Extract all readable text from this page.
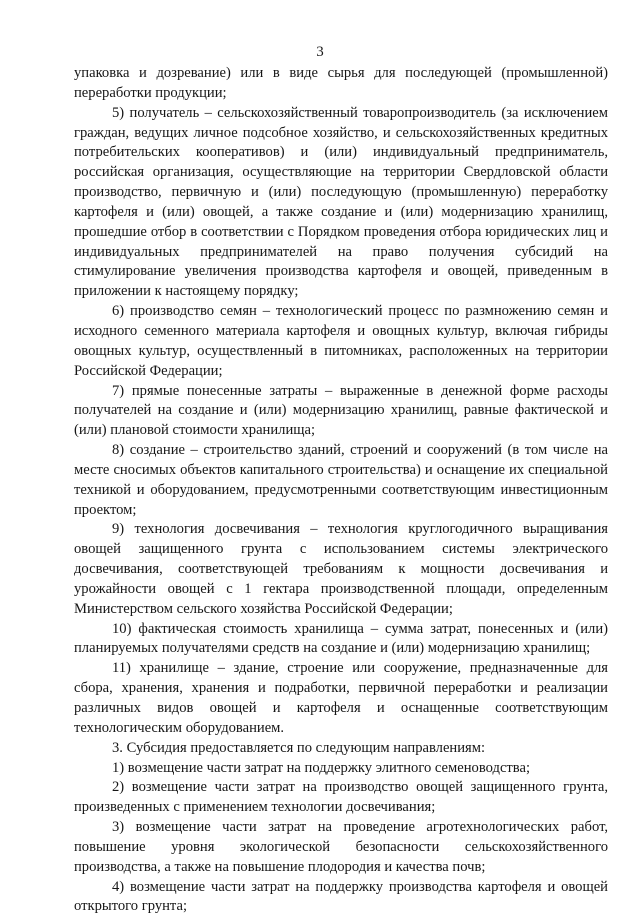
3

упаковка и дозревание) или в виде сырья для последующей (промышленной) переработки продукции;

5) получатель – сельскохозяйственный товаропроизводитель (за исключением граждан, ведущих личное подсобное хозяйство, и сельскохозяйственных кредитных потребительских кооперативов) и (или) индивидуальный предприниматель, российская организация, осуществляющие на территории Свердловской области производство, первичную и (или) последующую (промышленную) переработку картофеля и (или) овощей, а также создание и (или) модернизацию хранилищ, прошедшие отбор в соответствии с Порядком проведения отбора юридических лиц и индивидуальных предпринимателей на право получения субсидий на стимулирование увеличения производства картофеля и овощей, приведенным в приложении к настоящему порядку;

6) производство семян – технологический процесс по размножению семян и исходного семенного материала картофеля и овощных культур, включая гибриды овощных культур, осуществленный в питомниках, расположенных на территории Российской Федерации;

7) прямые понесенные затраты – выраженные в денежной форме расходы получателей на создание и (или) модернизацию хранилищ, равные фактической и (или) плановой стоимости хранилища;

8) создание – строительство зданий, строений и сооружений (в том числе на месте сносимых объектов капитального строительства) и оснащение их специальной техникой и оборудованием, предусмотренными соответствующим инвестиционным проектом;

9) технология досвечивания – технология круглогодичного выращивания овощей защищенного грунта с использованием системы электрического досвечивания, соответствующей требованиям к мощности досвечивания и урожайности овощей с 1 гектара производственной площади, определенным Министерством сельского хозяйства Российской Федерации;

10) фактическая стоимость хранилища – сумма затрат, понесенных и (или) планируемых получателями средств на создание и (или) модернизацию хранилищ;

11) хранилище – здание, строение или сооружение, предназначенные для сбора, хранения, хранения и подработки, первичной переработки и реализации различных видов овощей и картофеля и оснащенные соответствующим технологическим оборудованием.

3. Субсидия предоставляется по следующим направлениям:

1) возмещение части затрат на поддержку элитного семеноводства;

2) возмещение части затрат на производство овощей защищенного грунта, произведенных с применением технологии досвечивания;

3) возмещение части затрат на проведение агротехнологических работ, повышение уровня экологической безопасности сельскохозяйственного производства, а также на повышение плодородия и качества почв;

4) возмещение части затрат на поддержку производства картофеля и овощей открытого грунта;
